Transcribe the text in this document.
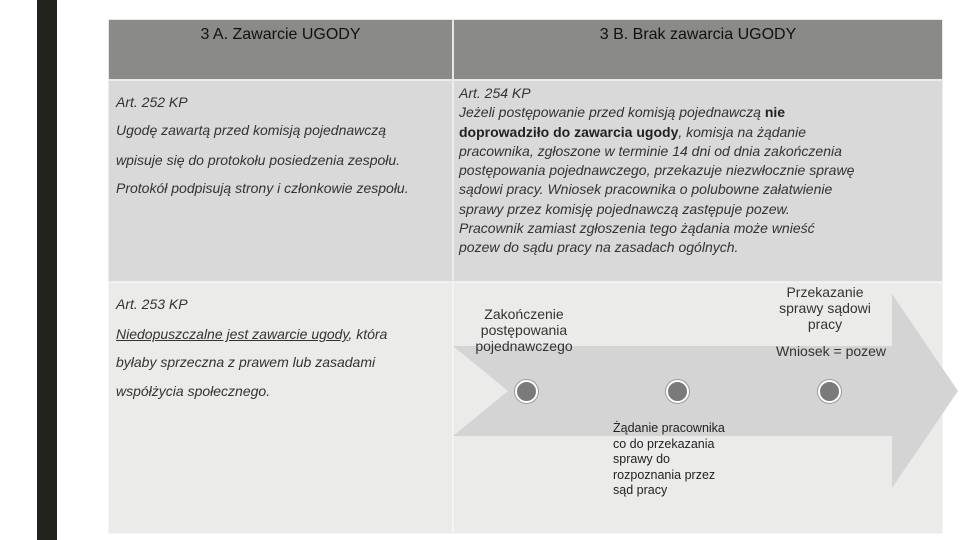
3 A. Zawarcie UGODY	3 B. Brak zawarcia UGODY
Art. 252 KP
Ugodę zawartą przed komisją pojednawczą
wpisuje się do protokołu posiedzenia zespołu.
Protokół podpisują strony i członkowie zespołu.
Art. 254 KP
Jeżeli postępowanie przed komisją pojednawczą nie
doprowadziło do zawarcia ugody, komisja na żądanie
pracownika, zgłoszone w terminie 14 dni od dnia zakończenia
postępowania pojednawczego, przekazuje niezwłocznie sprawę
sądowi pracy. Wniosek pracownika o polubowne załatwienie
sprawy przez komisję pojednawczą zastępuje pozew.
Pracownik zamiast zgłoszenia tego żądania może wnieść
pozew do sądu pracy na zasadach ogólnych.
Art. 253 KP
Niedopuszczalne jest zawarcie ugody, która
byłaby sprzeczna z prawem lub zasadami
współżycia społecznego.
Zakończenie
postępowania
pojednawczego
Przekazanie
sprawy sądowi
pracy
Wniosek = pozew
Żądanie pracownika
co do przekazania
sprawy do
rozpoznania przez
sąd pracy
